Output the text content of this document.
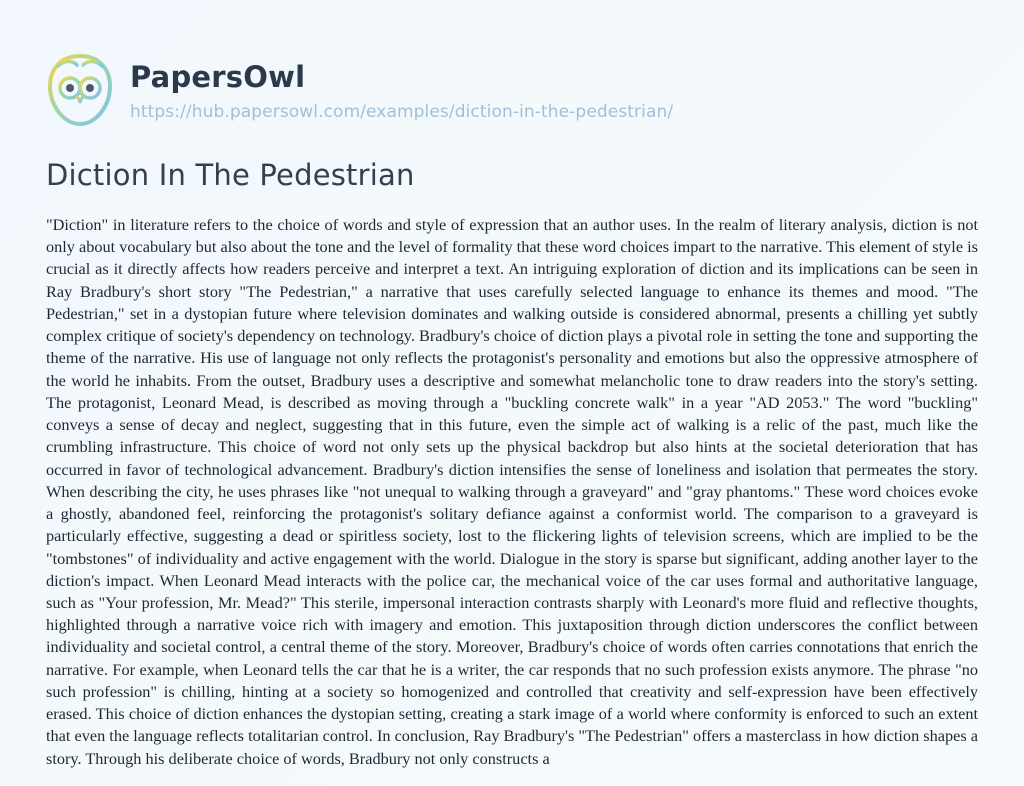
PapersOwl
https://hub.papersowl.com/examples/diction-in-the-pedestrian/
Diction In The Pedestrian

"Diction" in literature refers to the choice of words and style of expression that an author uses. In the realm of literary analysis, diction is not only about vocabulary but also about the tone and the level of formality that these word choices impart to the narrative. This element of style is crucial as it directly affects how readers perceive and interpret a text. An intriguing exploration of diction and its implications can be seen in Ray Bradbury's short story "The Pedestrian," a narrative that uses carefully selected language to enhance its themes and mood. "The Pedestrian," set in a dystopian future where television dominates and walking outside is considered abnormal, presents a chilling yet subtly complex critique of society's dependency on technology. Bradbury's choice of diction plays a pivotal role in setting the tone and supporting the theme of the narrative. His use of language not only reflects the protagonist's personality and emotions but also the oppressive atmosphere of the world he inhabits. From the outset, Bradbury uses a descriptive and somewhat melancholic tone to draw readers into the story's setting. The protagonist, Leonard Mead, is described as moving through a "buckling concrete walk" in a year "AD 2053." The word "buckling" conveys a sense of decay and neglect, suggesting that in this future, even the simple act of walking is a relic of the past, much like the crumbling infrastructure. This choice of word not only sets up the physical backdrop but also hints at the societal deterioration that has occurred in favor of technological advancement. Bradbury's diction intensifies the sense of loneliness and isolation that permeates the story. When describing the city, he uses phrases like "not unequal to walking through a graveyard" and "gray phantoms." These word choices evoke a ghostly, abandoned feel, reinforcing the protagonist's solitary defiance against a conformist world. The comparison to a graveyard is particularly effective, suggesting a dead or spiritless society, lost to the flickering lights of television screens, which are implied to be the "tombstones" of individuality and active engagement with the world. Dialogue in the story is sparse but significant, adding another layer to the diction's impact. When Leonard Mead interacts with the police car, the mechanical voice of the car uses formal and authoritative language, such as "Your profession, Mr. Mead?" This sterile, impersonal interaction contrasts sharply with Leonard's more fluid and reflective thoughts, highlighted through a narrative voice rich with imagery and emotion. This juxtaposition through diction underscores the conflict between individuality and societal control, a central theme of the story. Moreover, Bradbury's choice of words often carries connotations that enrich the narrative. For example, when Leonard tells the car that he is a writer, the car responds that no such profession exists anymore. The phrase "no such profession" is chilling, hinting at a society so homogenized and controlled that creativity and self-expression have been effectively erased. This choice of diction enhances the dystopian setting, creating a stark image of a world where conformity is enforced to such an extent that even the language reflects totalitarian control. In conclusion, Ray Bradbury's "The Pedestrian" offers a masterclass in how diction shapes a story. Through his deliberate choice of words, Bradbury not only constructs a
